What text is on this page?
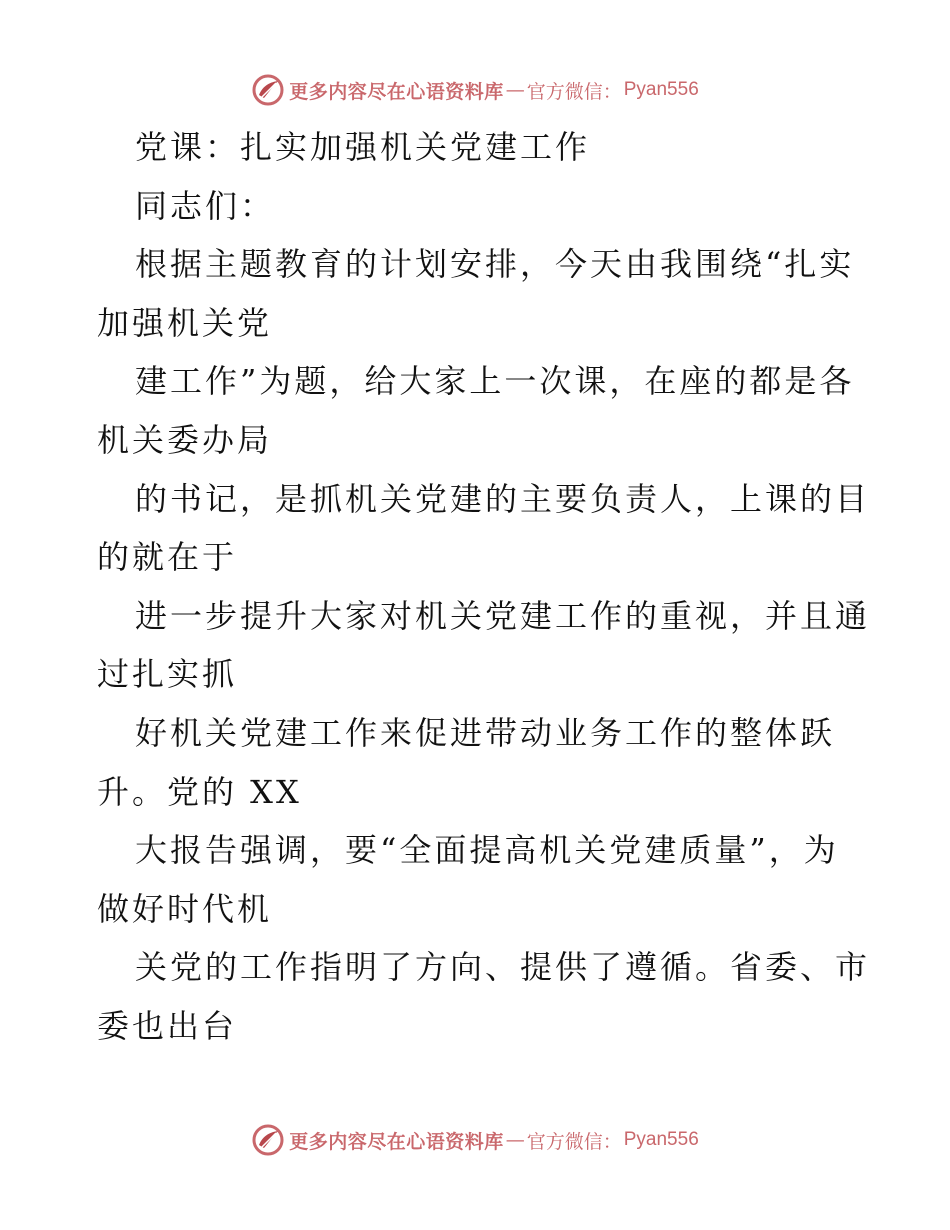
更多内容尽在心语资料库 — 官方微信： Pyan556
党课：扎实加强机关党建工作
同志们：
根据主题教育的计划安排，今天由我围绕“扎实
加强机关党
建工作”为题，给大家上一次课，在座的都是各
机关委办局
的书记，是抓机关党建的主要负责人，上课的目
的就在于
进一步提升大家对机关党建工作的重视，并且通
过扎实抓
好机关党建工作来促进带动业务工作的整体跃
升。党的 XX
大报告强调，要“全面提高机关党建质量”，为
做好时代机
关党的工作指明了方向、提供了遵循。省委、市
委也出台
更多内容尽在心语资料库 — 官方微信： Pyan556
